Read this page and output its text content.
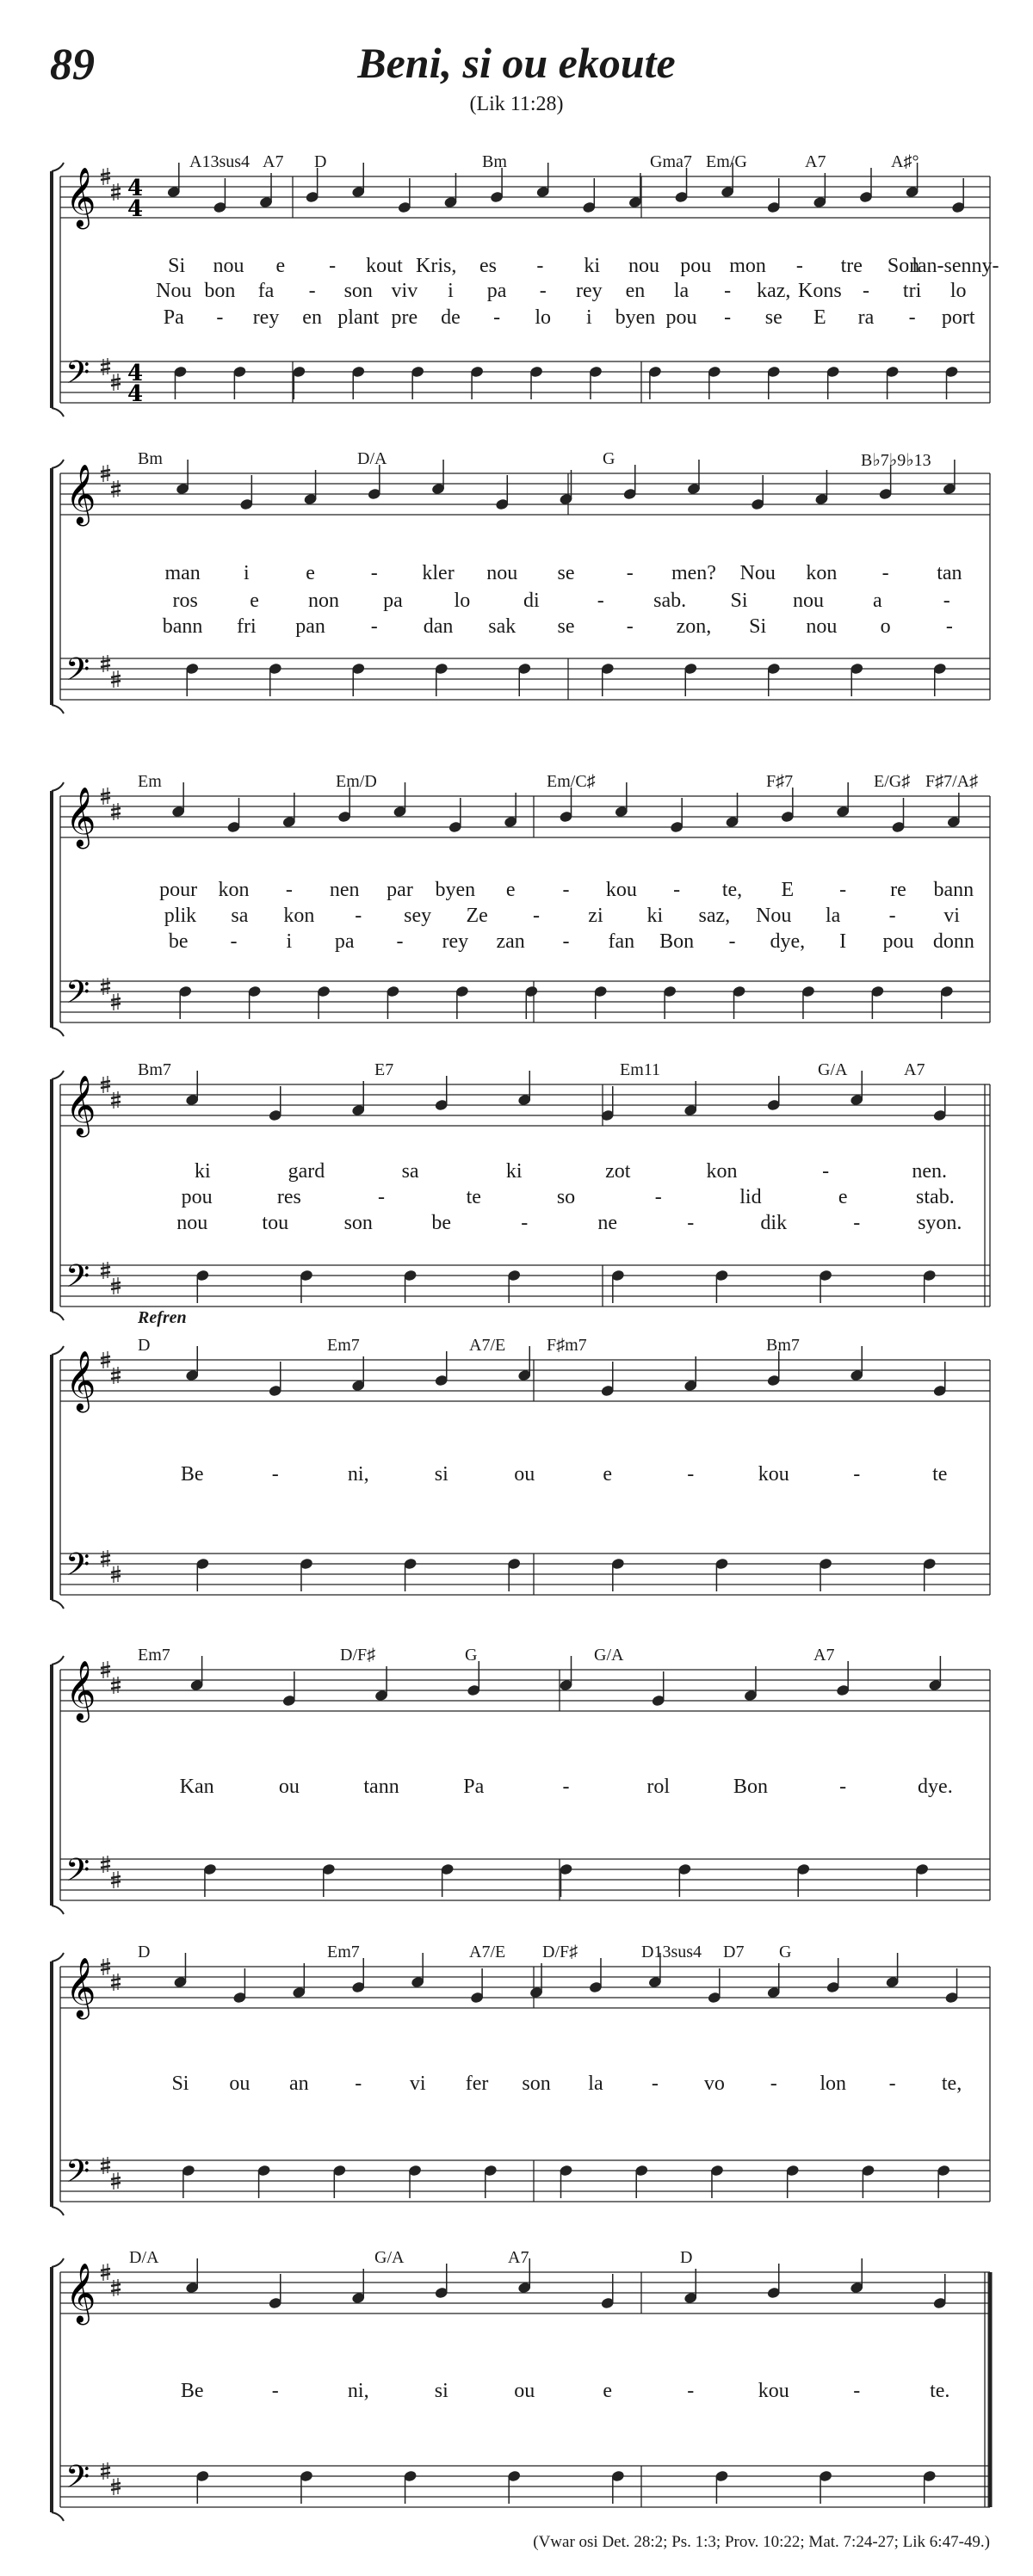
89	Beni, si ou ekoute
(Lik 11:28)
𝄞
𝄢
4
4
4
4
A13sus4 A7 D	Bm	Gma7 Em/G	A7	A♯°
Si nou e - kout Kris, es - ki nou pou mon - tre Son
lan-senny-
Nou bon fa - son viv i pa - rey en la - kaz, Kons - tri lo
Pa - rey en plant pre de - lo i byen pou - se E ra - port
𝄞
𝄢
Bm	D/A	G	B♭7♭9♭13
man i	e	- kler nou se	- men? Nou kon - tan
ros	e non pa lo	di	- sab. Si nou a	-
bann fri pan - dan sak se	- zon, Si nou o	-
𝄞
𝄢
Em	Em/D	Em/C♯	F♯7	E/G♯ F♯7/A♯
pour kon - nen par byen e - kou - te, E - re bann
plik sa kon - sey Ze - zi ki saz, Nou la - vi
be - i pa - rey zan - fan Bon - dye, I pou donn
𝄞
𝄢
Bm7	E7	Em11	G/A	A7
ki	gard	sa	ki	zot	kon	-	nen.
pou	res	-	te	so	-	lid	e	stab.
nou	tou	son	be	-	ne	-	dik	-	syon.
𝄞
𝄢
D	Em7	A7/E F♯m7	Bm7
Refren
Be	-	ni,	si	ou	e	-	kou	-	te
𝄞
𝄢
Em7	D/F♯	G	G/A	A7
Kan	ou	tann	Pa	-	rol	Bon	-	dye.
𝄞
𝄢
D	Em7	A7/E D/F♯	D13sus4 D7 G
Si ou an - vi fer son la - vo - lon - te,
𝄞
𝄢
D/A	G/A	A7	D
Be	-	ni,	si	ou	e	-	kou	-	te.
(Vwar osi Det. 28:2; Ps. 1:3; Prov. 10:22; Mat. 7:24-27; Lik 6:47-49.)
